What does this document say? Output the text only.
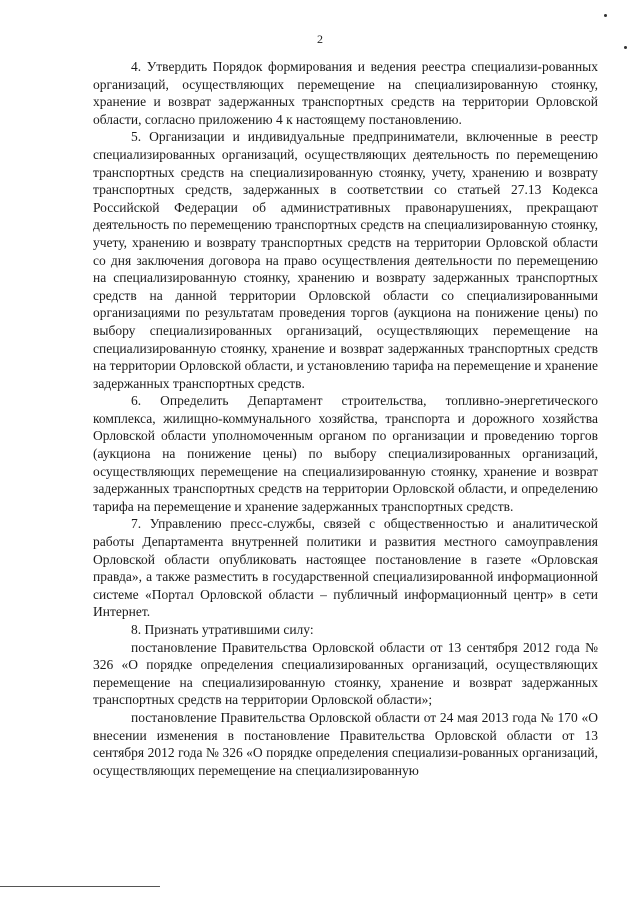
2

4. Утвердить Порядок формирования и ведения реестра специализи-рованных организаций, осуществляющих перемещение на специализированную стоянку, хранение и возврат задержанных транспортных средств на территории Орловской области, согласно приложению 4 к настоящему постановлению.

5. Организации и индивидуальные предприниматели, включенные в реестр специализированных организаций, осуществляющих деятельность по перемещению транспортных средств на специализированную стоянку, учету, хранению и возврату транспортных средств, задержанных в соответствии со статьей 27.13 Кодекса Российской Федерации об административных правонарушениях, прекращают деятельность по перемещению транспортных средств на специализированную стоянку, учету, хранению и возврату транспортных средств на территории Орловской области со дня заключения договора на право осуществления деятельности по перемещению на специализированную стоянку, хранению и возврату задержанных транспортных средств на данной территории Орловской области со специализированными организациями по результатам проведения торгов (аукциона на понижение цены) по выбору специализированных организаций, осуществляющих перемещение на специализированную стоянку, хранение и возврат задержанных транспортных средств на территории Орловской области, и установлению тарифа на перемещение и хранение задержанных транспортных средств.

6. Определить Департамент строительства, топливно-энергетического комплекса, жилищно-коммунального хозяйства, транспорта и дорожного хозяйства Орловской области уполномоченным органом по организации и проведению торгов (аукциона на понижение цены) по выбору специализированных организаций, осуществляющих перемещение на специализированную стоянку, хранение и возврат задержанных транспортных средств на территории Орловской области, и определению тарифа на перемещение и хранение задержанных транспортных средств.

7. Управлению пресс-службы, связей с общественностью и аналитической работы Департамента внутренней политики и развития местного самоуправления Орловской области опубликовать настоящее постановление в газете «Орловская правда», а также разместить в государственной специализированной информационной системе «Портал Орловской области – публичный информационный центр» в сети Интернет.

8. Признать утратившими силу:

постановление Правительства Орловской области от 13 сентября 2012 года № 326 «О порядке определения специализированных организаций, осуществляющих перемещение на специализированную стоянку, хранение и возврат задержанных транспортных средств на территории Орловской области»;

постановление Правительства Орловской области от 24 мая 2013 года № 170 «О внесении изменения в постановление Правительства Орловской области от 13 сентября 2012 года № 326 «О порядке определения специализи-рованных организаций, осуществляющих перемещение на специализированную
